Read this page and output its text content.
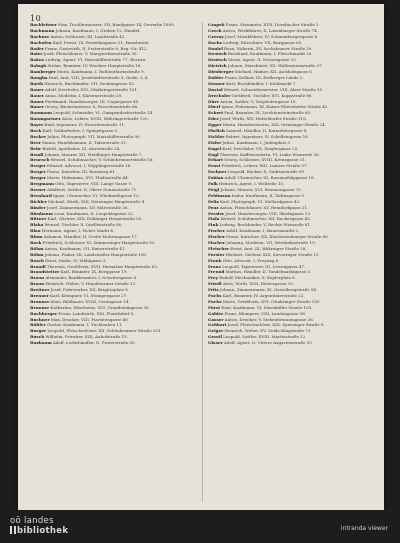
10

Bachleitner Max, Tischlermeister, VII, Bandgasse 14, Gewerbe 1890.

Bachmann Johann, Kaufmann, I, Graben 12, Handel.

Bachner Anton, Schlosser, III, Landstraße 45.

Bachofen Karl, Privat, IX, Porzellangasse 21, Hausbesitz.

Bader Franz, Gastwirth, II, Praterstraße 8, Reg.-Nr. 412.

Baier Josef, Fleischhauer, V, Margarethenstraße 30.

Bakos Ludwig, Agent, VI, Mariahilferstraße 77, Bureau.

Balogh Stefan, Beamter, IV, Wiedner Hauptstraße 16.

Bamberger Moriz, Kaufmann, I, Rothenthurmstraße 9.

Bangha Paul, Arzt, VIII, Josefstädterstraße 3, Ordin. 2–4.

Barth Heinrich, Buchbinder, VII, Neubaugasse 52.

Bauer Adolf, Drechsler, XVI, Ottakringerstraße 101.

Bauer Anna, Modistin, I, Kärntnerstraße 28.

Bauer Ferdinand, Hausbesorger, III, Ungargasse 40.

Bauer Georg, Bäckermeister, X, Favoritenstraße 66.

Baumann Leopold, Schneider, VI, Gumpendorferstraße 14.

Baumgartner Alois, Lehrer, XVIII, Währingerstraße 120.

Bayer Emil, Ingenieur, IV, Favoritenstraße 11.

Beck Karl, Goldarbeiter, I, Spiegelgasse 5.

Becker Julius, Photograph, VII, Mariahilferstraße 90.

Beer Simon, Handelsmann, II, Taborstraße 33.

Behr Rudolf, Apotheker, IX, Alserstraße 24.

Bendl Johann, Maurer, XII, Meidlinger Hauptstraße 7.

Benesch Wenzel, Schuhmacher, V, Schönbrunnerstraße 58.

Berger Eduard, Advocat, I, Wipplingerstraße 18.

Berger Franz, Kutscher, III, Rennweg 61.

Berger Marie, Hebamme, XVI, Thaliastraße 44.

Bergmann Otto, Tapezierer, VIII, Lange Gasse 9.

Berner Adalbert, Sattler, II, Obere Donaustraße 71.

Bernhard Ignaz, Uhrmacher, VI, Windmühlgasse 13.

Bichler Michael, Wirth, XIII, Hietzinger Hauptstraße 4.

Binder Josef, Zimmermann, XV, Märzstraße 36.

Birnbaum Leon, Kaufmann, II, Leopoldsgasse 22.

Bittner Karl, Gärtner, XIX, Döblinger Hauptstraße 55.

Blaha Wenzel, Tischler, X, Quellenstraße 80.

Blau Hermann, Agent, I, Hoher Markt 4.

Blum Salomon, Händler, II, Große Mohrengasse 17.

Bock Friedrich, Schlosser, XI, Simmeringer Hauptstraße 92.

Böhm Anton, Kaufmann, VII, Kaiserstraße 41.

Böhm Johann, Fiaker, III, Landstraßer Hauptstraße 100.

Bosch Ernst, Maler, IV, Mühlgasse 3.

Brandl Theresia, Greißlerin, XVII, Hernalser Hauptstraße 63.

Brandstetter Karl, Beamter, IX, Berggasse 19.

Braun Alexander, Bankbeamter, I, Schottengasse 6.

Braun Heinrich, Weber, V, Hundsturmer Straße 12.

Breitner Josef, Fuhrwerker, XX, Brigittaplatz 8.

Brenner Karl, Klempner, VI, Stumpergasse 27.

Brunner Alois, Bildhauer, XVIII, Gentzgasse 14.

Brunner Katharina, Wäscherin, XVI, Grundsteingasse 30.

Buchberger Franz, Landwirth, XXI, Floridsdorf 5.

Buchner Max, Drucker, VIII, Piaristengasse 46.

Bühler Gustav, Kaufmann, I, Tuchlauben 11.

Burger Leopold, Fleischselcher, XII, Schönbrunner Straße 201.

Busch Wilhelm, Privatier, XIII, Auhofstraße 15.

Buxbaum Adolf, Lederhändler, II, Praterstraße 50.

Czapek Franz, Steinmetz, XVII, Dornbacher Straße 3.

Czech Anton, Werkführer, X, Laxenburger Straße 74.

Czerny Josef, Musiklehrer, IV, Schaumburgergasse 8.

Dachs Ludwig, Kürschner, VII, Burggasse 63.

Daniel Rosa, Näherin, XV, Sechshauser Straße 29.

Deutsch Bernhard, Kaufmann, I, Fleischmarkt 20.

Deutsch Moriz, Agent, II, Novaragasse 12.

Dietrich Johann, Maschinist, XX, Wallensteinstraße 37.

Dirnberger Michael, Hafner, XII, Aichholzgasse 6.

Dobler Franz, Kellner, III, Erdberger Lände 2.

Donner Karl, Buchhändler, I, Kohlmarkt 7.

Dostal Wenzel, Schneidermeister, VIII, Alser Straße 51.

Drechsler Gottfried, Tischler, XVI, Koppstraße 88.

Dürr Anton, Sattler, V, Ziegelofengasse 10.

Eberl Ignaz, Fuhrmann, XI, Kaiser-Ebersdorfer Straße 42.

Eckert Paul, Beamter, IX, Liechtensteinstraße 60.

Eder Josef, Wirth, XIV, Hütteldorfer Straße 118.

Egger Maria, Hausbesitzerin, XIX, Grinzinger Straße 24.

Ehrlich Samuel, Händler, II, Karmelitergasse 4.

Eichler Robert, Ingenieur, IV, Schelleingasse 16.

Eisler Julius, Kaufmann, I, Judenplatz 3.

Engel Karl, Drechsler, VII, Zieglergasse 25.

Engl Theresia, Kaffeesiederin, VI, Linke Wienzeile 36.

Erhart Georg, Schlosser, XVIII, Kreuzgasse 31.

Ernst Friedrich, Lehrer, XIII, Lainzer Straße 57.

Eschner Leopold, Bäcker, X, Gudrunstraße 99.

Fabian Adolf, Uhrmacher, III, Rasumofskygasse 18.

Falk Heinrich, Agent, I, Wollzeile 15.

Feigl Johann, Maurer, XVI, Brunnengasse 70.

Feldmann Isidor, Kaufmann, II, Zirkusgasse 9.

Felix Karl, Photograph, VI, Mollardgasse 43.

Fenz Anton, Fleischhauer, XV, Reindorfgasse 21.

Fessler Josef, Hausbesorger, VIII, Skodagasse 13.

Fiala Wenzel, Schuhmacher, XII, Ruckergasse 40.

Fink Ludwig, Buchbinder, V, Rechte Wienzeile 81.

Fischer Adolf, Kaufmann, I, Bauernmarkt 2.

Fischer Franz, Kutscher, XX, Klosterneuburger Straße 66.

Fischer Johanna, Modistin, VII, Westbahnstraße 19.

Fleischer Ernst, Arzt, IX, Währinger Straße 28.

Forster Michael, Gärtner, XIX, Sieveringer Straße 11.

Frank Otto, Advocat, I, Freyung 6.

Franz Leopold, Tapezierer, III, Löwengasse 47.

Freund Markus, Händler, II, Tandelmarktgasse 5.

Frey Rudolf, Mechaniker, X, Keplerplatz 8.

Friedl Alois, Wirth, XVII, Rötzergasse 33.

Fritz Johann, Zimmermann, XI, Geiselbergstraße 54.

Fuchs Karl, Beamter, IV, Argentinierstraße 22.

Fuchs Marie, Greißlerin, XVI, Ottakringer Straße 150.

Fürst Emil, Kaufmann, VI, Mariahilfer Straße 105.

Gabler Franz, Klempner, VIII, Laudongasse 38.

Gasser Anton, Drucker, V, Siebenbrunnengasse 26.

Gebhart Josef, Fleischselcher, XIII, Speisinger Straße 9.

Geiger Heinrich, Weber, XV, Goldschlagstraße 73.

Gerstl Leopold, Sattler, XVIII, Martinstraße 12.

Glaser Adolf, Agent, II, Untere Augartenstraße 30.

oö landes
bibliothek	intranda viewer
